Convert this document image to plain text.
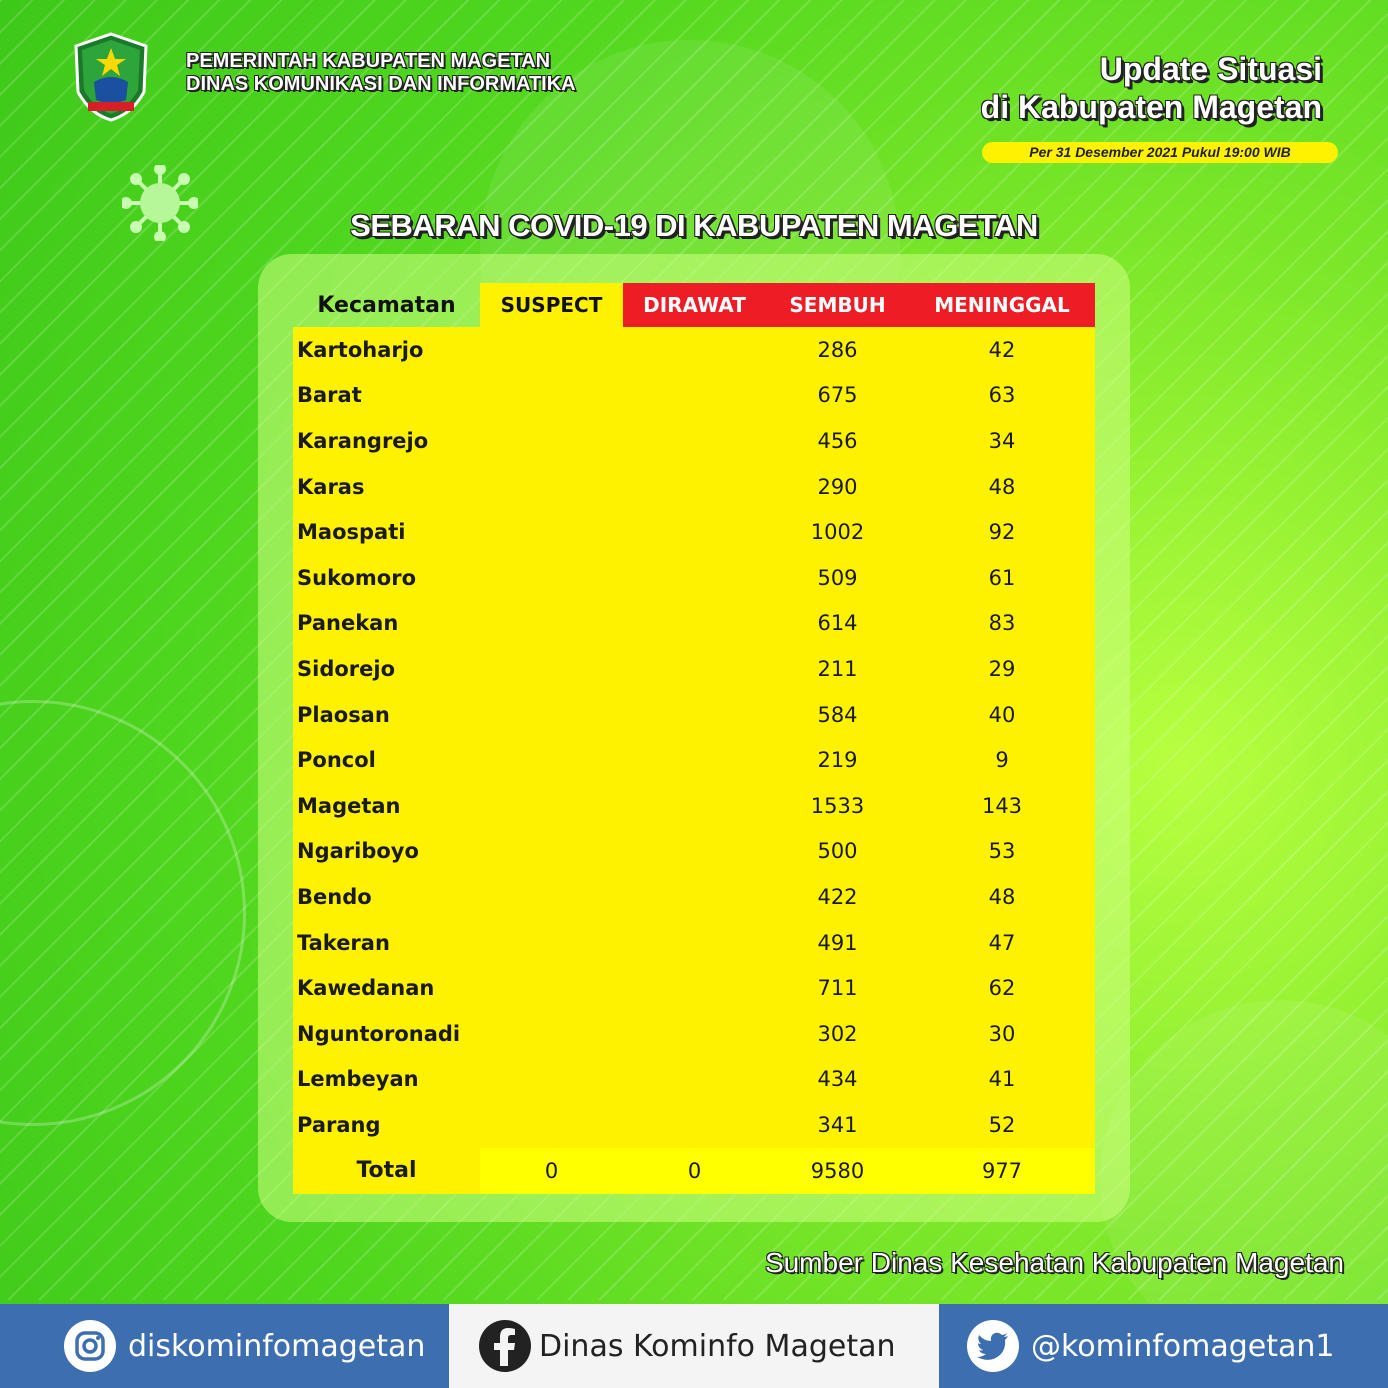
PEMERINTAH KABUPATEN MAGETAN
DINAS KOMUNIKASI DAN INFORMATIKA	Update Situasi
di Kabupaten Magetan
Per 31 Desember 2021 Pukul 19:00 WIB
SEBARAN COVID-19 DI KABUPATEN MAGETAN
Kecamatan	SUSPECT	DIRAWAT	SEMBUH	MENINGGAL
Kartoharjo			286	42
Barat			675	63
Karangrejo			456	34
Karas			290	48
Maospati			1002	92
Sukomoro			509	61
Panekan			614	83
Sidorejo			211	29
Plaosan			584	40
Poncol			219	9
Magetan			1533	143
Ngariboyo			500	53
Bendo			422	48
Takeran			491	47
Kawedanan			711	62
Nguntoronadi			302	30
Lembeyan			434	41
Parang			341	52
Total	0	0	9580	977
Sumber Dinas Kesehatan Kabupaten Magetan
diskominfomagetan	Dinas Kominfo Magetan	@kominfomagetan1
